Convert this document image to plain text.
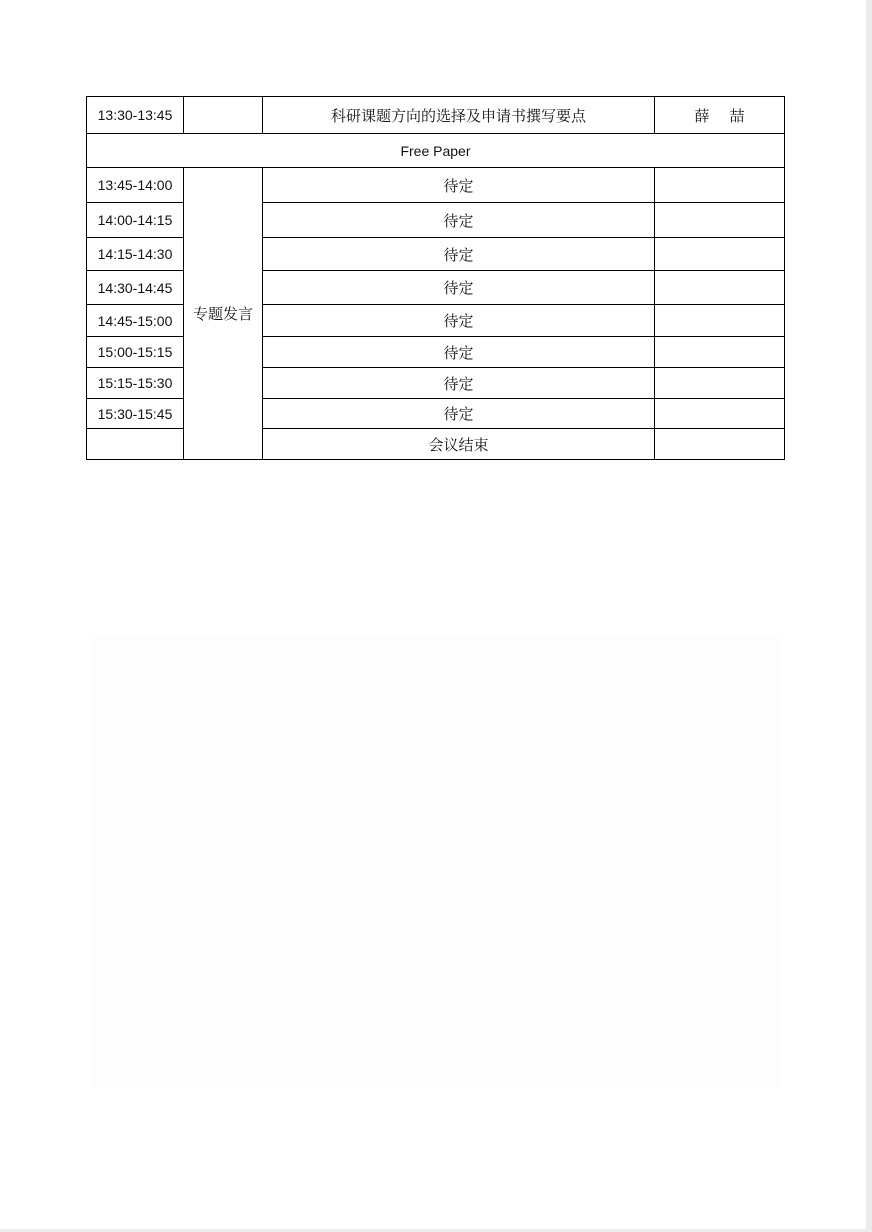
13:30-13:45		科研课题方向的选择及申请书撰写要点	薛 喆
Free Paper			
13:45-14:00	专题发言	待定	
14:00-14:15		待定	
14:15-14:30		待定	
14:30-14:45		待定	
14:45-15:00		待定	
15:00-15:15		待定	
15:15-15:30		待定	
15:30-15:45		待定	
		会议结束	
